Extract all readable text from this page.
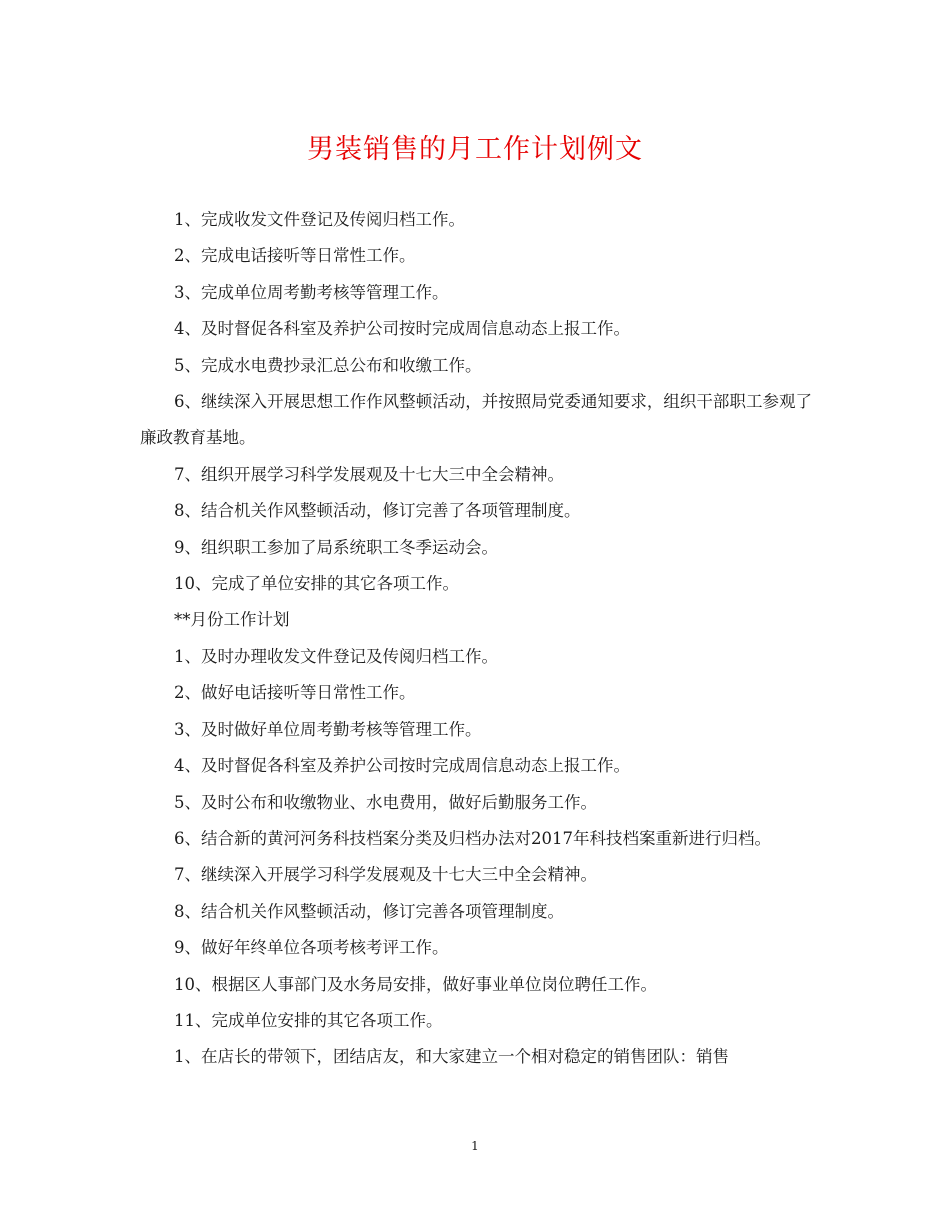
男装销售的月工作计划例文

1、完成收发文件登记及传阅归档工作。

2、完成电话接听等日常性工作。

3、完成单位周考勤考核等管理工作。

4、及时督促各科室及养护公司按时完成周信息动态上报工作。

5、完成水电费抄录汇总公布和收缴工作。

6、继续深入开展思想工作作风整顿活动，并按照局党委通知要求，组织干部职工参观了廉政教育基地。

7、组织开展学习科学发展观及十七大三中全会精神。

8、结合机关作风整顿活动，修订完善了各项管理制度。

9、组织职工参加了局系统职工冬季运动会。

10、完成了单位安排的其它各项工作。

**月份工作计划

1、及时办理收发文件登记及传阅归档工作。

2、做好电话接听等日常性工作。

3、及时做好单位周考勤考核等管理工作。

4、及时督促各科室及养护公司按时完成周信息动态上报工作。

5、及时公布和收缴物业、水电费用，做好后勤服务工作。

6、结合新的黄河河务科技档案分类及归档办法对2017年科技档案重新进行归档。

7、继续深入开展学习科学发展观及十七大三中全会精神。

8、结合机关作风整顿活动，修订完善各项管理制度。

9、做好年终单位各项考核考评工作。

10、根据区人事部门及水务局安排，做好事业单位岗位聘任工作。

11、完成单位安排的其它各项工作。

1、在店长的带领下，团结店友，和大家建立一个相对稳定的销售团队：销售

1
